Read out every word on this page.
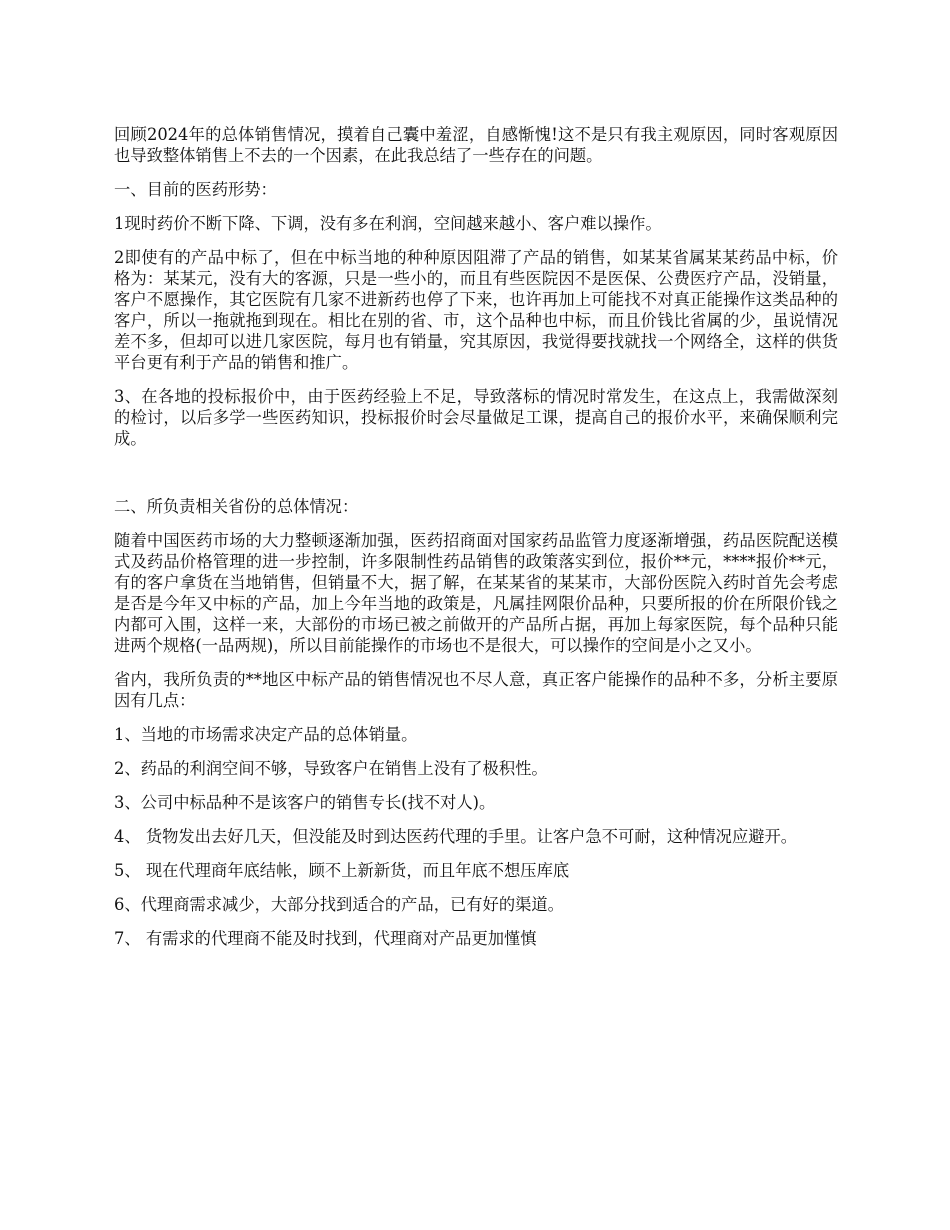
回顾2024年的总体销售情况，摸着自己囊中羞涩，自感惭愧!这不是只有我主观原因，同时客观原因也导致整体销售上不去的一个因素，在此我总结了一些存在的问题。

一、目前的医药形势：

1现时药价不断下降、下调，没有多在利润，空间越来越小、客户难以操作。

2即使有的产品中标了，但在中标当地的种种原因阻滞了产品的销售，如某某省属某某药品中标，价格为：某某元，没有大的客源，只是一些小的，而且有些医院因不是医保、公费医疗产品，没销量，客户不愿操作，其它医院有几家不进新药也停了下来，也许再加上可能找不对真正能操作这类品种的客户，所以一拖就拖到现在。相比在别的省、市，这个品种也中标，而且价钱比省属的少，虽说情况差不多，但却可以进几家医院，每月也有销量，究其原因，我觉得要找就找一个网络全，这样的供货平台更有利于产品的销售和推广。

3、在各地的投标报价中，由于医药经验上不足，导致落标的情况时常发生，在这点上，我需做深刻的检讨，以后多学一些医药知识，投标报价时会尽量做足工课，提高自己的报价水平，来确保顺利完成。

二、所负责相关省份的总体情况：

随着中国医药市场的大力整顿逐渐加强，医药招商面对国家药品监管力度逐渐增强，药品医院配送模式及药品价格管理的进一步控制，许多限制性药品销售的政策落实到位，报价**元，****报价**元，有的客户拿货在当地销售，但销量不大，据了解，在某某省的某某市，大部份医院入药时首先会考虑是否是今年又中标的产品，加上今年当地的政策是，凡属挂网限价品种，只要所报的价在所限价钱之内都可入围，这样一来，大部份的市场已被之前做开的产品所占据，再加上每家医院，每个品种只能进两个规格(一品两规)，所以目前能操作的市场也不是很大，可以操作的空间是小之又小。

省内，我所负责的**地区中标产品的销售情况也不尽人意，真正客户能操作的品种不多，分析主要原因有几点：

1、当地的市场需求决定产品的总体销量。

2、药品的利润空间不够，导致客户在销售上没有了极积性。

3、公司中标品种不是该客户的销售专长(找不对人)。

4、 货物发出去好几天，但没能及时到达医药代理的手里。让客户急不可耐，这种情况应避开。

5、 现在代理商年底结帐，顾不上新新货，而且年底不想压库底

6、代理商需求减少，大部分找到适合的产品，已有好的渠道。

7、 有需求的代理商不能及时找到，代理商对产品更加慬慎
